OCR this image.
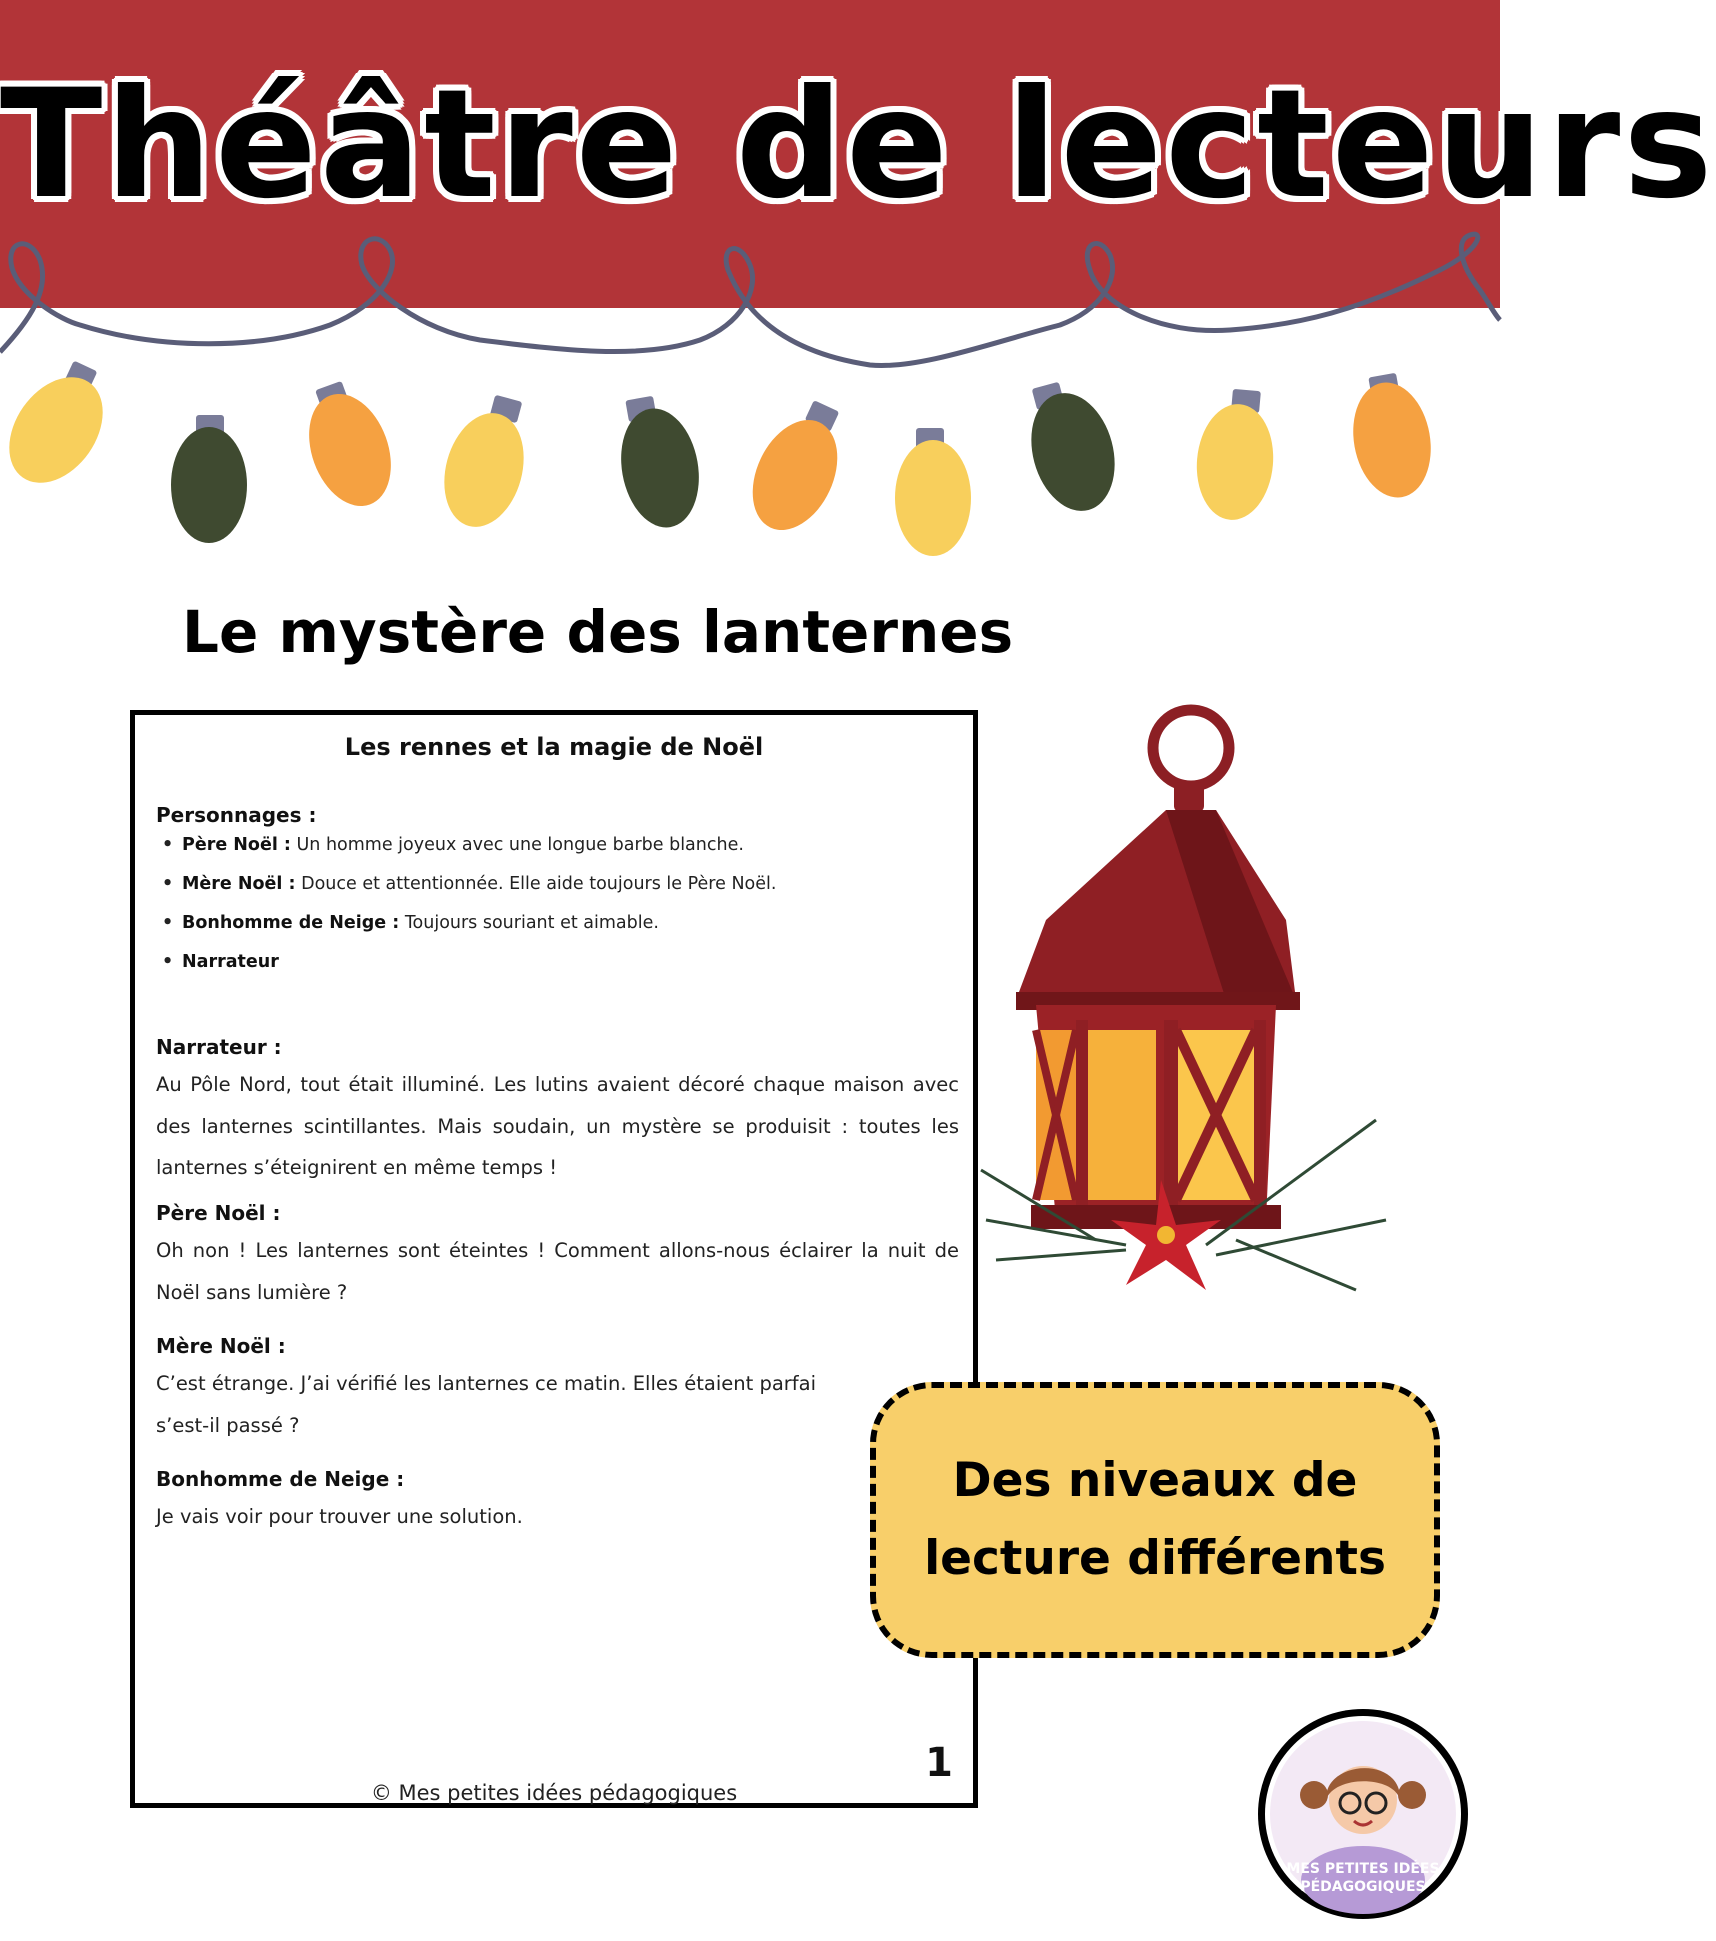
Théâtre de lecteurs
Le mystère des lanternes
Les rennes et la magie de Noël
Personnages :
• Père Noël : Un homme joyeux avec une longue barbe blanche.
• Mère Noël : Douce et attentionnée. Elle aide toujours le Père Noël.
• Bonhomme de Neige : Toujours souriant et aimable.
• Narrateur
Narrateur :

Au Pôle Nord, tout était illuminé. Les lutins avaient décoré chaque maison avec des lanternes scintillantes. Mais soudain, un mystère se produisit : toutes les lanternes s’éteignirent en même temps !

Père Noël :

Oh non ! Les lanternes sont éteintes ! Comment allons-nous éclairer la nuit de Noël sans lumière ?

Mère Noël :

C’est étrange. J’ai vérifié les lanternes ce matin. Elles étaient parfai

s’est-il passé ?

Bonhomme de Neige :

Je vais voir pour trouver une solution.

1
© Mes petites idées pédagogiques
Des niveaux de lecture différents
MES PETITES IDÉES
PÉDAGOGIQUES
